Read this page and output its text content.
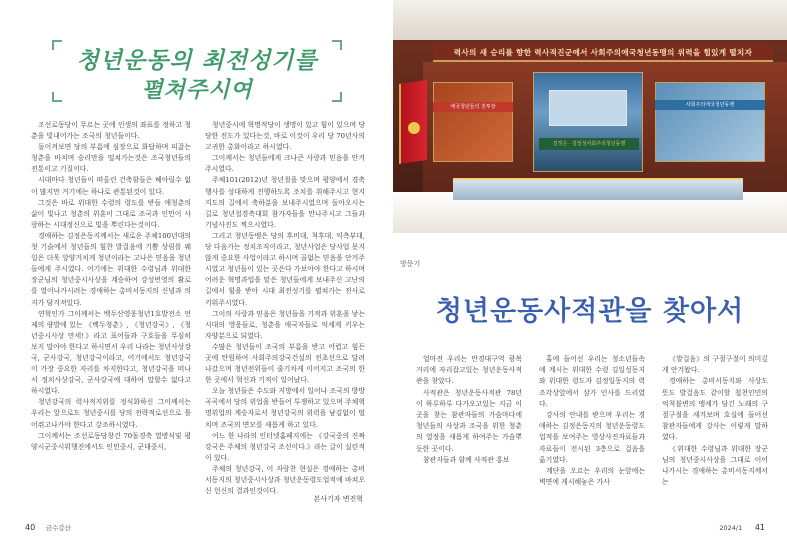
청년운동의 최전성기를
펼쳐주시여

조선로동당이 무르는 곳에 인생의 좌표를 정하고 청춘을 빛내어가는 조국의 청년들이다.

돌이켜보면 당의 부름에 심장으로 화답하며 피끓는 청춘을 바치며 승리만을 떨쳐가는것은 조국청년들의 전통이고 기질이다.

시대마다 청년들이 떠올린 건축함들은 헤아릴수 없이 많지만 거기에는 하나로 관통된것이 있다.

그것은 바로 위대한 수령의 령도를 받들 애청춘의 삶이 빛나고 청춘의 위훈이 그대로 조국과 인민이 사랑하는 시대정신으로 빛을 뿌린다는것이다.

경애하는 김정은동지께서는 새로운 주체100년대의 첫 기슭에서 청년들의 힘찬 발걸음에 기쁨 상림를 웨일은 더욱 앙양거치게 청년이라는 고나은 믿음을 청년들에게 주시였다. 어기에는 위대한 수령님과 위대한 장군님의 청년중시사상을 계승하여 강성번영의 활로를 열어나가시려는 경애하는 총비서동지의 신념과 의지가 담겨져있다.

연혁인가 그이께서는 백두산영웅청년1호발전소 언제의 량발에 있는 《백두청춘》, 《청년강국》, 《청년중시사상 만세!》라고 표어들과 구호들을 무심히 보지 말아야 한다고 하시면서 우리 나라는 청년사상강국, 군사강국, 청년강국이라고, 어기에서도 청년강국이 가장 중요한 자리를 차지한다고, 청년강국을 떠나서 정치사상강국, 군사강국에 대하여 말할수 없다고 하시였다.

청년강국의 력사적지위를 정식화하신 그이께서는 우리는 앞으로도 청년중시를 당의 전략적로선으로 틀어쥐고나가야 한다고 강조하시였다.

그이께서는 조선로동당창건 70돌경축 열병식및 평양시군중시위행진에서도 인민중시, 군대중시,

청년중시에 혁명적당이 생명이 있고 힘이 있으며 당당한 전도가 있다는것, 바로 이것이 우리 당 70년사의 고귀한 총화이라고 하시였다.

그이께서는 청년들에게 크나큰 사랑과 믿음을 안겨주시였다.

주체101(2012)년 청년절을 맞으며 평양에서 경축행사를 성대하게 진행하도록 조치를 취해주시고 현지지도의 길에서 축하분을 보내주시였으며 돌아오시는 길로 청년절경축대회 참가자들을 만나주시고 그들과 기념사진도 찍으시였다.

그리고 청년동맹은 당의 후비대, 척후대, 익측부대, 당 다음가는 정치조직이라고, 청년사업은 당사업 못지 않게 중요한 사업이라고 하시며 골없는 믿음을 안겨주시였고 청년들이 있는 곳은다 가보아야 한다고 하시며 어려운 혁명과업을 맡은 청년들에게 보내주신 고난의 길에서 힘을 받아 시대 최전성기를 펼쳐가는 전사로 키워주시였다.

그이의 사랑과 믿음은 청년들을 기적과 위훈을 낳는 시대의 영웅들로, 청춘을 애국자들로 억세게 키우는 자양분으로 되였다.

수많은 청년들이 조국의 부름을 받고 어렵고 힘든 곳에 탄원하여 사회주의강국건설의 전초선으로 달려나갔으며 청년전위들이 줄기차게 이어지고 조국의 한 한 곳에서 혁신과 기적이 일어났다.

오늘 청년들은 수도와 지방에서 일어나 조국의 방방곡곡에서 당의 위업을 받들어 투쟁하고 있으며 주체혁명위업의 계승자로서 청년강국의 위력을 남김없이 떨치며 조국의 면모를 새롭게 하고 있다.

어느 한 나라의 인터넷홈페지에는 《강국중의 진짜강국은 주체의 청년강국 조선이다.》라는 글이 실린적이 있다.

주체의 청년강국, 이 자랑찬 현실은 경애하는 총비서동지의 청년중시사상과 청년운동령도업적에 바쳐오신 헌신의 결과인것이다.

본사기자 변진혁
40 금수강산
력사의 새 승리를 향한 력사적진군에서 사회주의애국청년동맹의 위력을 힘있게 떨치자
애국청년들의 전투장
김정은 · 김일성사회주의청년동맹
사회주의애국청년동맹
방문기
청년운동사적관을 찾아서

얼마전 우리는 만경대구역 광복거리에 자리잡고있는 청년운동사적관을 찾았다.

사적관은 청년운동사적관 78년이 하루하루 다가오고있는 지금 이곳을 찾는 참관자들의 가슴마다에 청년들의 사상과 조국을 위한 청춘의 열정을 새롭게 하여주는 가슴뿌듯한 곳이다.

참관자들과 함께 사적관 홍보

홀에 들어선 우리는 청소년들속에 계시는 위대한 수령 김일성동지와 위대한 령도자 김정일동지의 력조각상앞에서 삼가 인사를 드리였다.

강사의 안내를 받으며 우리는 경애하는 김정은동지의 청년운동령도업적을 보여주는 영상사진자료들과 자료들이 전시된 3층으로 걸음을 옮기였다.

계단을 오르는 우리의 눈앞에는 벽면에 게시해놓은 가사

《발걸음》의 구절구절이 의미깊게 안겨왔다.

경애하는 총비서동지와 사상도 뜻도 발걸음도 같이할 철천인민의 억척불변의 맹세가 담긴 노래의 구절구절을 새겨보며 호실에 들어선 참관자들에게 강사는 이렇게 말하였다.

《위대한 수령님과 위대한 장군님의 청년중시사상을 그대로 이어나가시는 경애하는 총비서동지께서는

2024/1 41
